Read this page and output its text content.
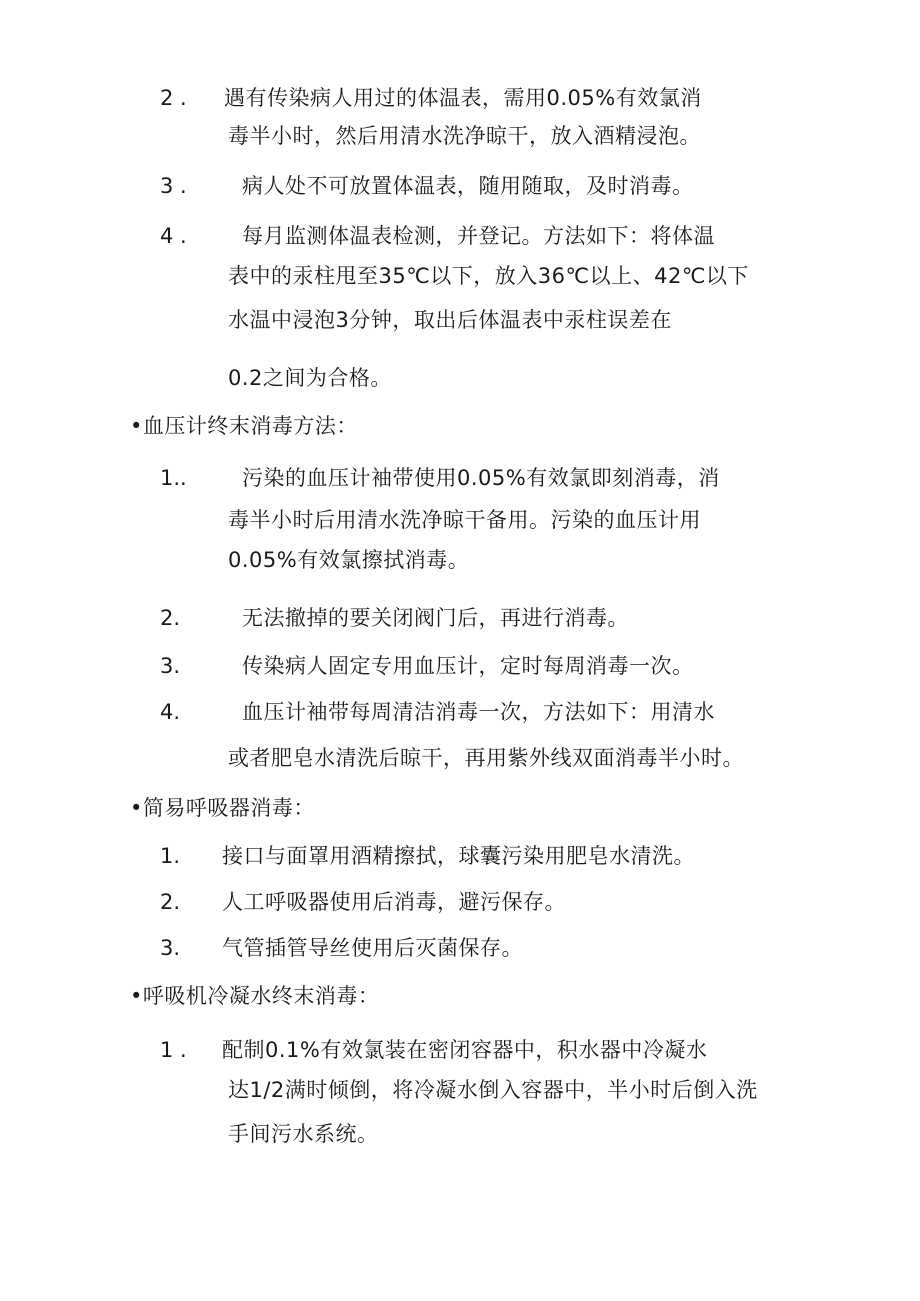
2 . 遇有传染病人用过的体温表，需用0.05%有效氯消
毒半小时，然后用清水洗净晾干，放入酒精浸泡。
3 .	病人处不可放置体温表，随用随取，及时消毒。
4 .	每月监测体温表检测，并登记。方法如下：将体温
表中的汞柱甩至35℃以下，放入36℃以上、42℃以下
水温中浸泡3分钟，取出后体温表中汞柱误差在
0.2之间为合格。
•血压计终末消毒方法：
1..	污染的血压计袖带使用0.05%有效氯即刻消毒，消
毒半小时后用清水洗净晾干备用。污染的血压计用
0.05%有效氯擦拭消毒。
2.	无法撤掉的要关闭阀门后，再进行消毒。
3.	传染病人固定专用血压计，定时每周消毒一次。
4.	血压计袖带每周清洁消毒一次，方法如下：用清水
或者肥皂水清洗后晾干，再用紫外线双面消毒半小时。
•简易呼吸器消毒：
1. 接口与面罩用酒精擦拭，球囊污染用肥皂水清洗。
2. 人工呼吸器使用后消毒，避污保存。
3. 气管插管导丝使用后灭菌保存。
•呼吸机冷凝水终末消毒：
1 . 配制0.1%有效氯装在密闭容器中，积水器中冷凝水
达1/2满时倾倒，将冷凝水倒入容器中，半小时后倒入洗
手间污水系统。
